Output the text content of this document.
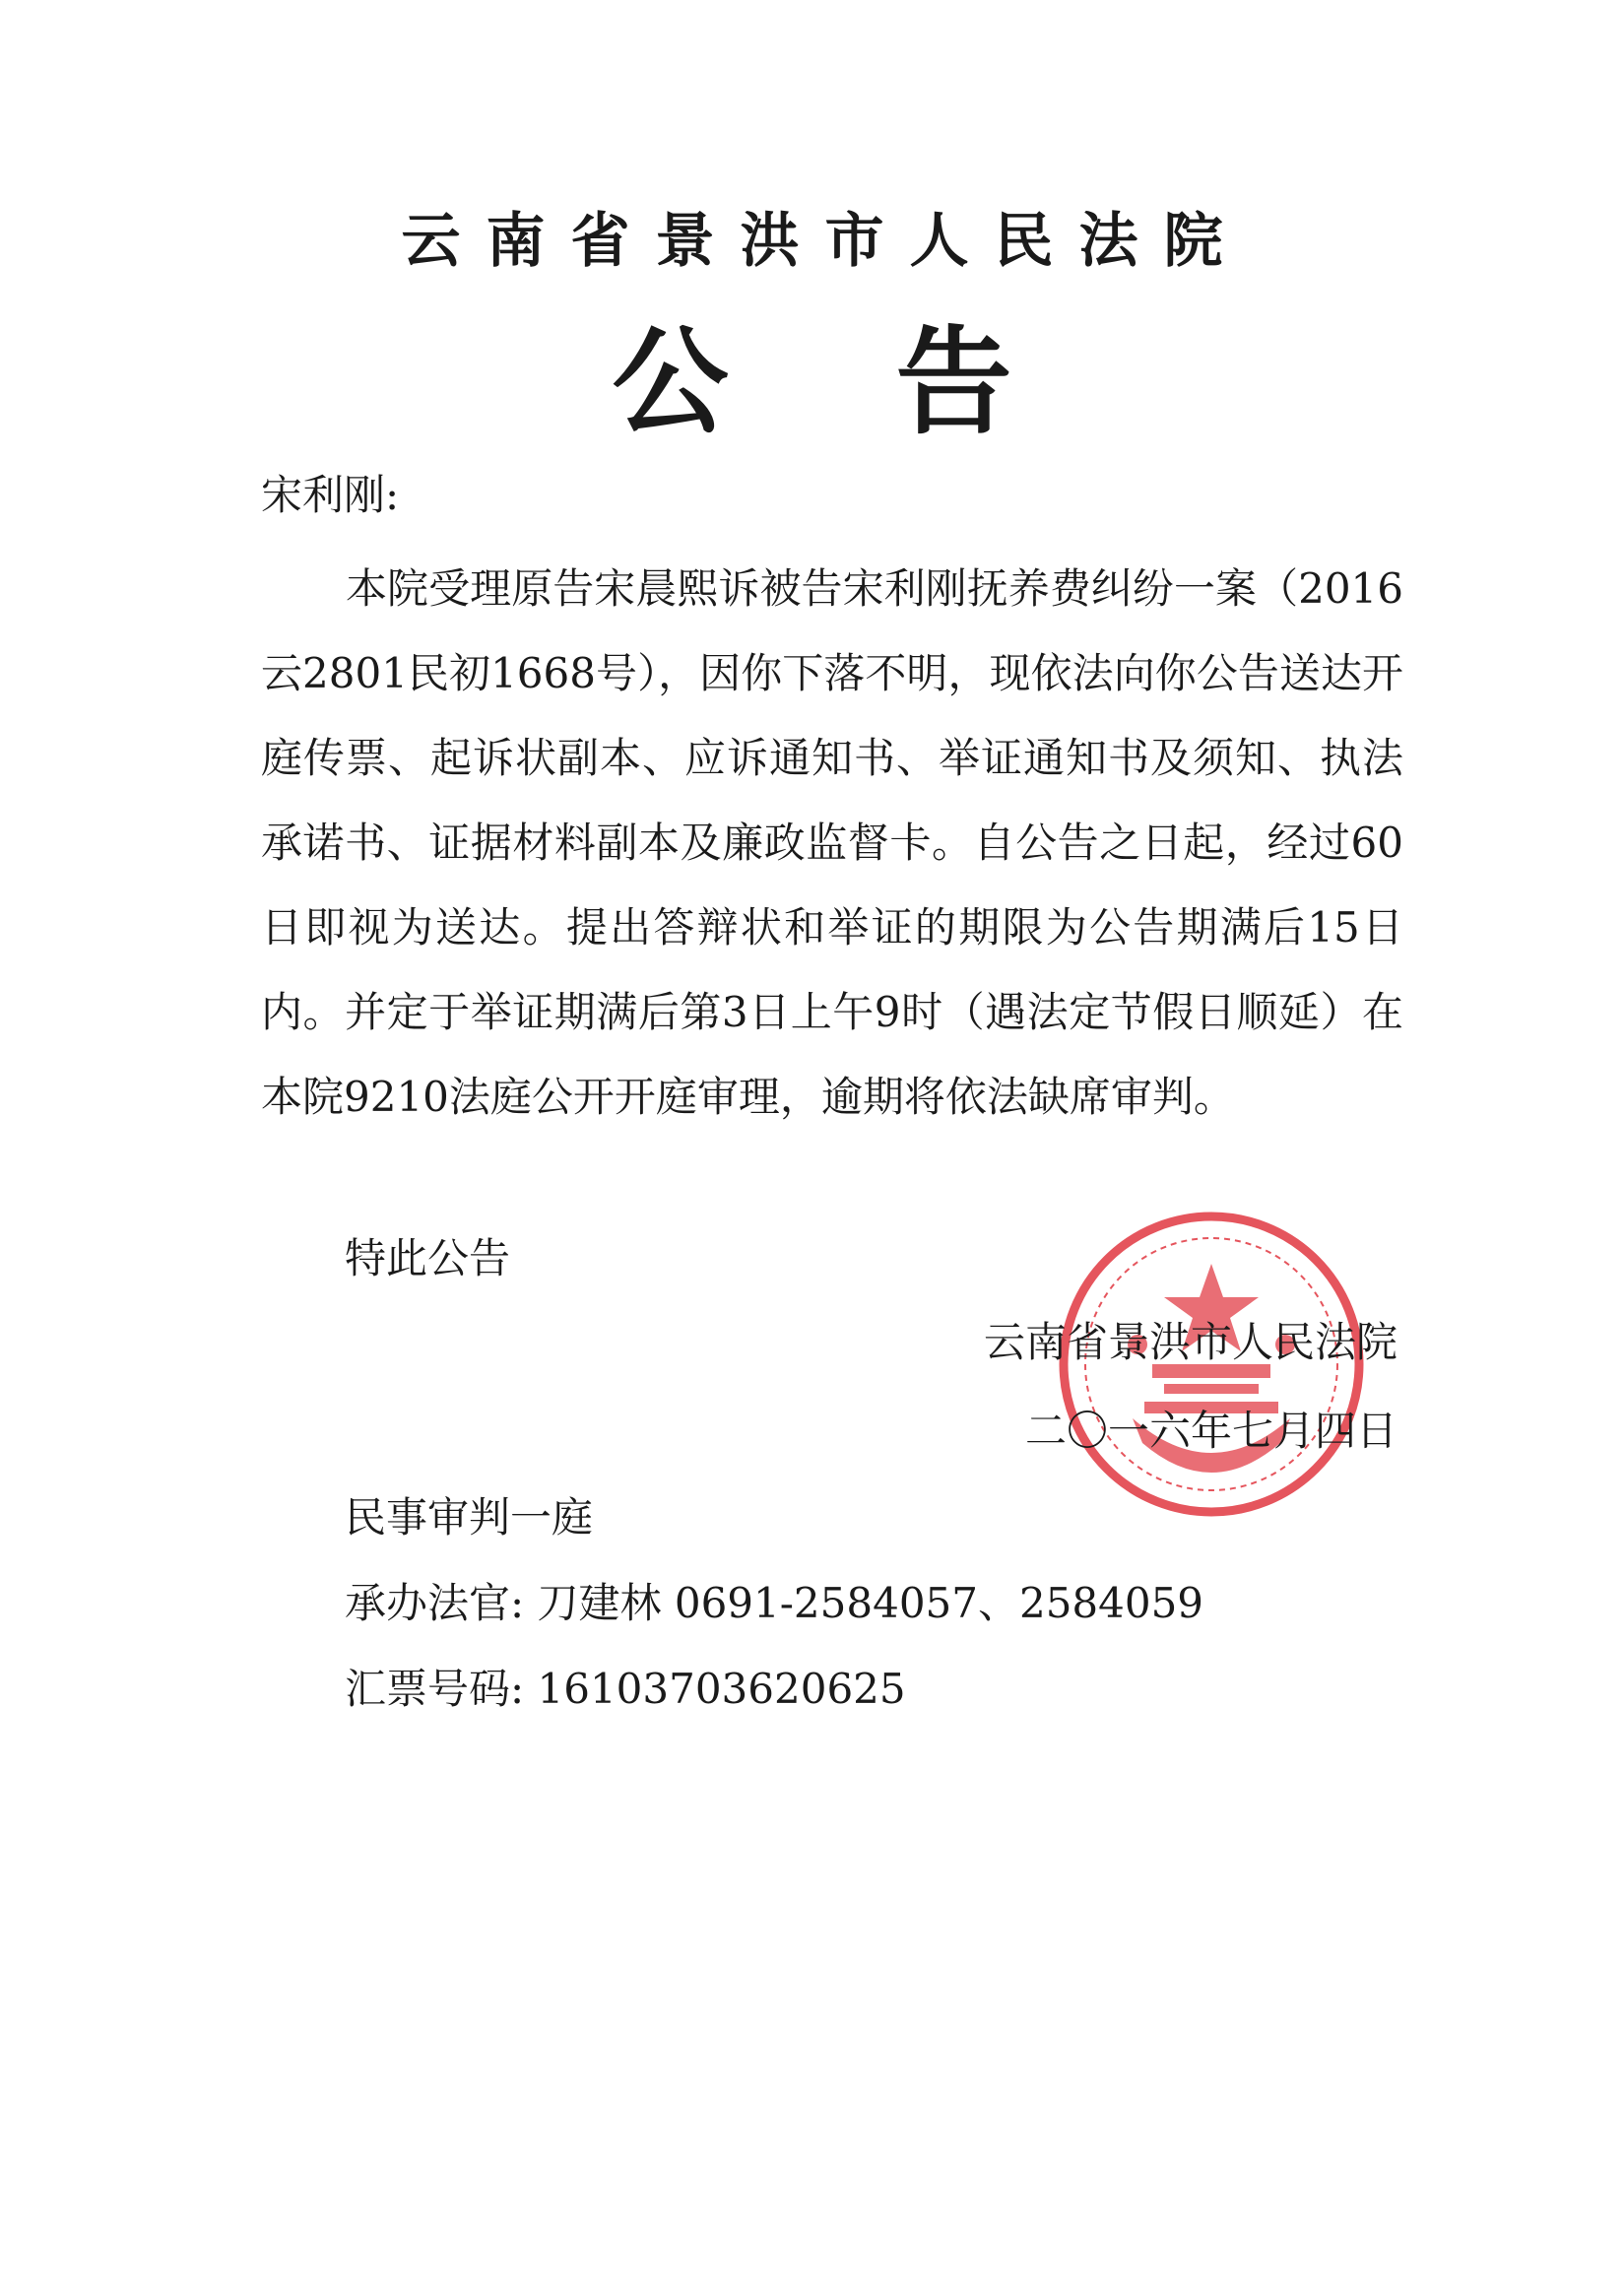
云南省景洪市人民法院
公告
宋利刚:
本院受理原告宋晨熙诉被告宋利刚抚养费纠纷一案（2016云2801民初1668号），因你下落不明，现依法向你公告送达开庭传票、起诉状副本、应诉通知书、举证通知书及须知、执法承诺书、证据材料副本及廉政监督卡。自公告之日起，经过60日即视为送达。提出答辩状和举证的期限为公告期满后15日内。并定于举证期满后第3日上午9时（遇法定节假日顺延）在本院9210法庭公开开庭审理，逾期将依法缺席审判。
特此公告
云南省景洪市人民法院
二〇一六年七月四日
民事审判一庭
承办法官: 刀建林 0691-2584057、2584059
汇票号码: 16103703620625
